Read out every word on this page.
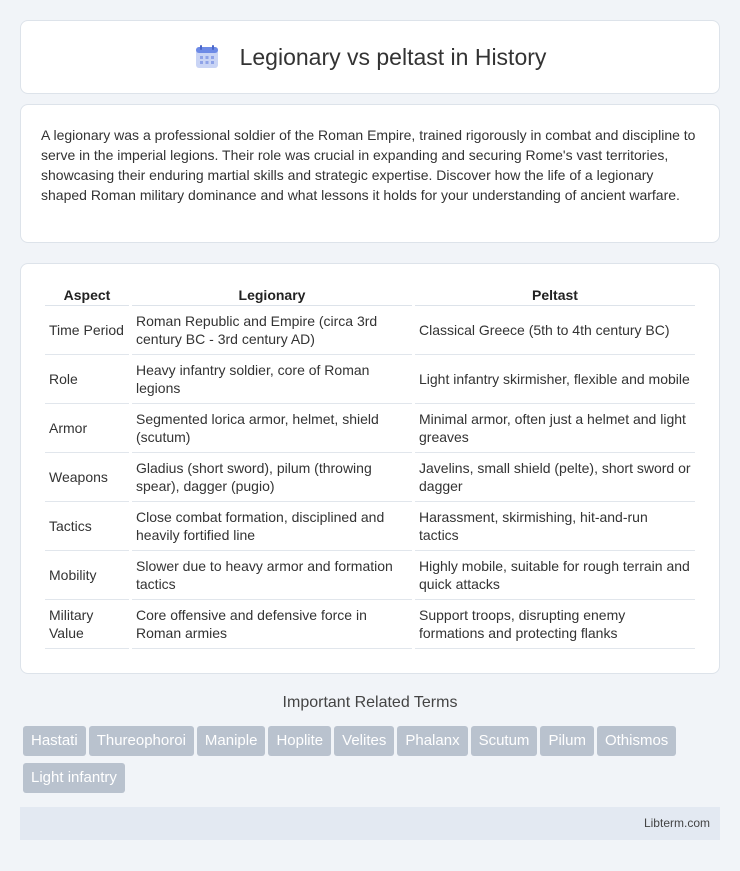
Legionary vs peltast in History

A legionary was a professional soldier of the Roman Empire, trained rigorously in combat and discipline to serve in the imperial legions. Their role was crucial in expanding and securing Rome's vast territories, showcasing their enduring martial skills and strategic expertise. Discover how the life of a legionary shaped Roman military dominance and what lessons it holds for your understanding of ancient warfare.

Aspect	Legionary	Peltast
Time Period	Roman Republic and Empire (circa 3rd century BC - 3rd century AD)	Classical Greece (5th to 4th century BC)
Role	Heavy infantry soldier, core of Roman legions	Light infantry skirmisher, flexible and mobile
Armor	Segmented lorica armor, helmet, shield (scutum)	Minimal armor, often just a helmet and light greaves
Weapons	Gladius (short sword), pilum (throwing spear), dagger (pugio)	Javelins, small shield (pelte), short sword or dagger
Tactics	Close combat formation, disciplined and heavily fortified line	Harassment, skirmishing, hit-and-run tactics
Mobility	Slower due to heavy armor and formation tactics	Highly mobile, suitable for rough terrain and quick attacks
Military Value	Core offensive and defensive force in Roman armies	Support troops, disrupting enemy formations and protecting flanks
Important Related Terms
Hastati Thureophoroi Maniple Hoplite Velites Phalanx Scutum Pilum OthismosLight infantry
Libterm.com
